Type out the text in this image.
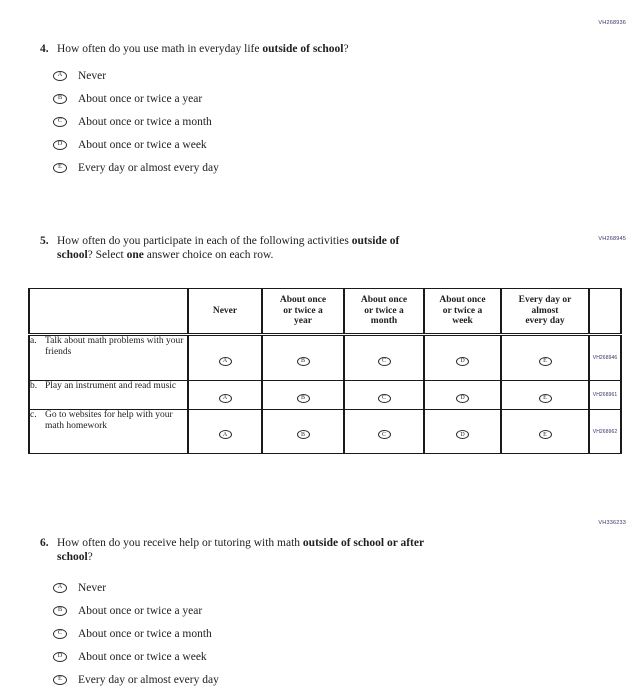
VH268936
4. How often do you use math in everyday life outside of school?
A Never
B About once or twice a year
C About once or twice a month
D About once or twice a week
E Every day or almost every day
VH268945
5. How often do you participate in each of the following activities outside of
school? Select one answer choice on each row.

	Never	About once
or twice a
year	About once
or twice a
month	About once
or twice a
week	Every day or
almost
every day	

a. Talk about math problems with your friends	A	B	C	D	E	VH268946

b. Play an instrument and read music	A	B	C	D	E	VH268961

c. Go to websites for help with your math homework	A	B	C	D	E	VH268962
VH336233
6. How often do you receive help or tutoring with math outside of school or after
school?
A Never
B About once or twice a year
C About once or twice a month
D About once or twice a week
E Every day or almost every day
